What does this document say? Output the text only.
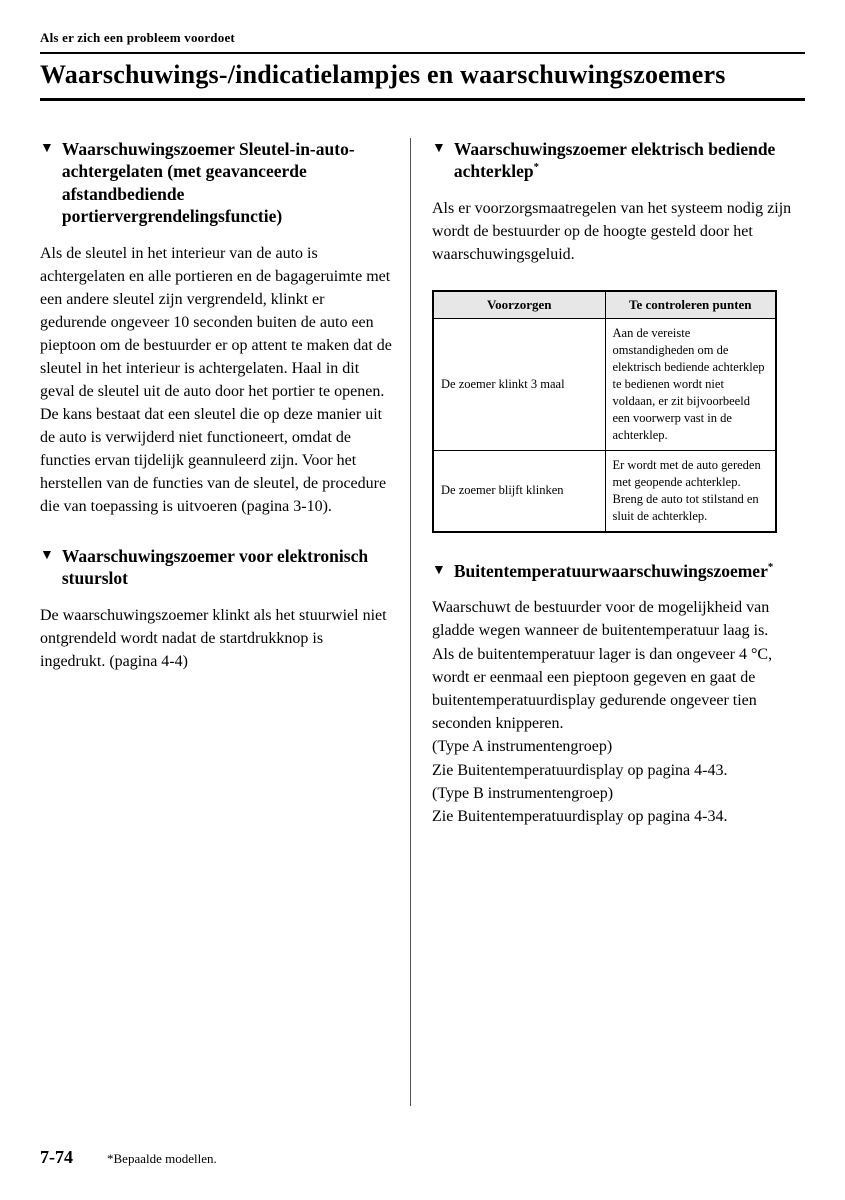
Als er zich een probleem voordoet
Waarschuwings-/indicatielampjes en waarschuwingszoemers
▼ Waarschuwingszoemer Sleutel-in-auto-achtergelaten (met geavanceerde afstandbediende portiervergrendelingsfunctie)

Als de sleutel in het interieur van de auto is achtergelaten en alle portieren en de bagageruimte met een andere sleutel zijn vergrendeld, klinkt er gedurende ongeveer 10 seconden buiten de auto een pieptoon om de bestuurder er op attent te maken dat de sleutel in het interieur is achtergelaten. Haal in dit geval de sleutel uit de auto door het portier te openen. De kans bestaat dat een sleutel die op deze manier uit de auto is verwijderd niet functioneert, omdat de functies ervan tijdelijk geannuleerd zijn. Voor het herstellen van de functies van de sleutel, de procedure die van toepassing is uitvoeren (pagina 3-10).

▼ Waarschuwingszoemer voor elektronisch stuurslot

De waarschuwingszoemer klinkt als het stuurwiel niet ontgrendeld wordt nadat de startdrukknop is ingedrukt. (pagina 4-4)

▼ Waarschuwingszoemer elektrisch bediende achterklep*

Als er voorzorgsmaatregelen van het systeem nodig zijn wordt de bestuurder op de hoogte gesteld door het waarschuwingsgeluid.

Voorzorgen	Te controleren punten
De zoemer klinkt 3 maal	Aan de vereiste omstandigheden om de elektrisch bediende achterklep te bedienen wordt niet voldaan, er zit bijvoorbeeld een voorwerp vast in de achterklep.
De zoemer blijft klinken	Er wordt met de auto gereden met geopende achterklep. Breng de auto tot stilstand en sluit de achterklep.
▼ Buitentemperatuurwaarschuwingszoemer*

Waarschuwt de bestuurder voor de mogelijkheid van gladde wegen wanneer de buitentemperatuur laag is.

Als de buitentemperatuur lager is dan ongeveer 4 °C, wordt er eenmaal een pieptoon gegeven en gaat de buitentemperatuurdisplay gedurende ongeveer tien seconden knipperen.

(Type A instrumentengroep)

Zie Buitentemperatuurdisplay op pagina 4-43.

(Type B instrumentengroep)

Zie Buitentemperatuurdisplay op pagina 4-34.

7-74	*Bepaalde modellen.
